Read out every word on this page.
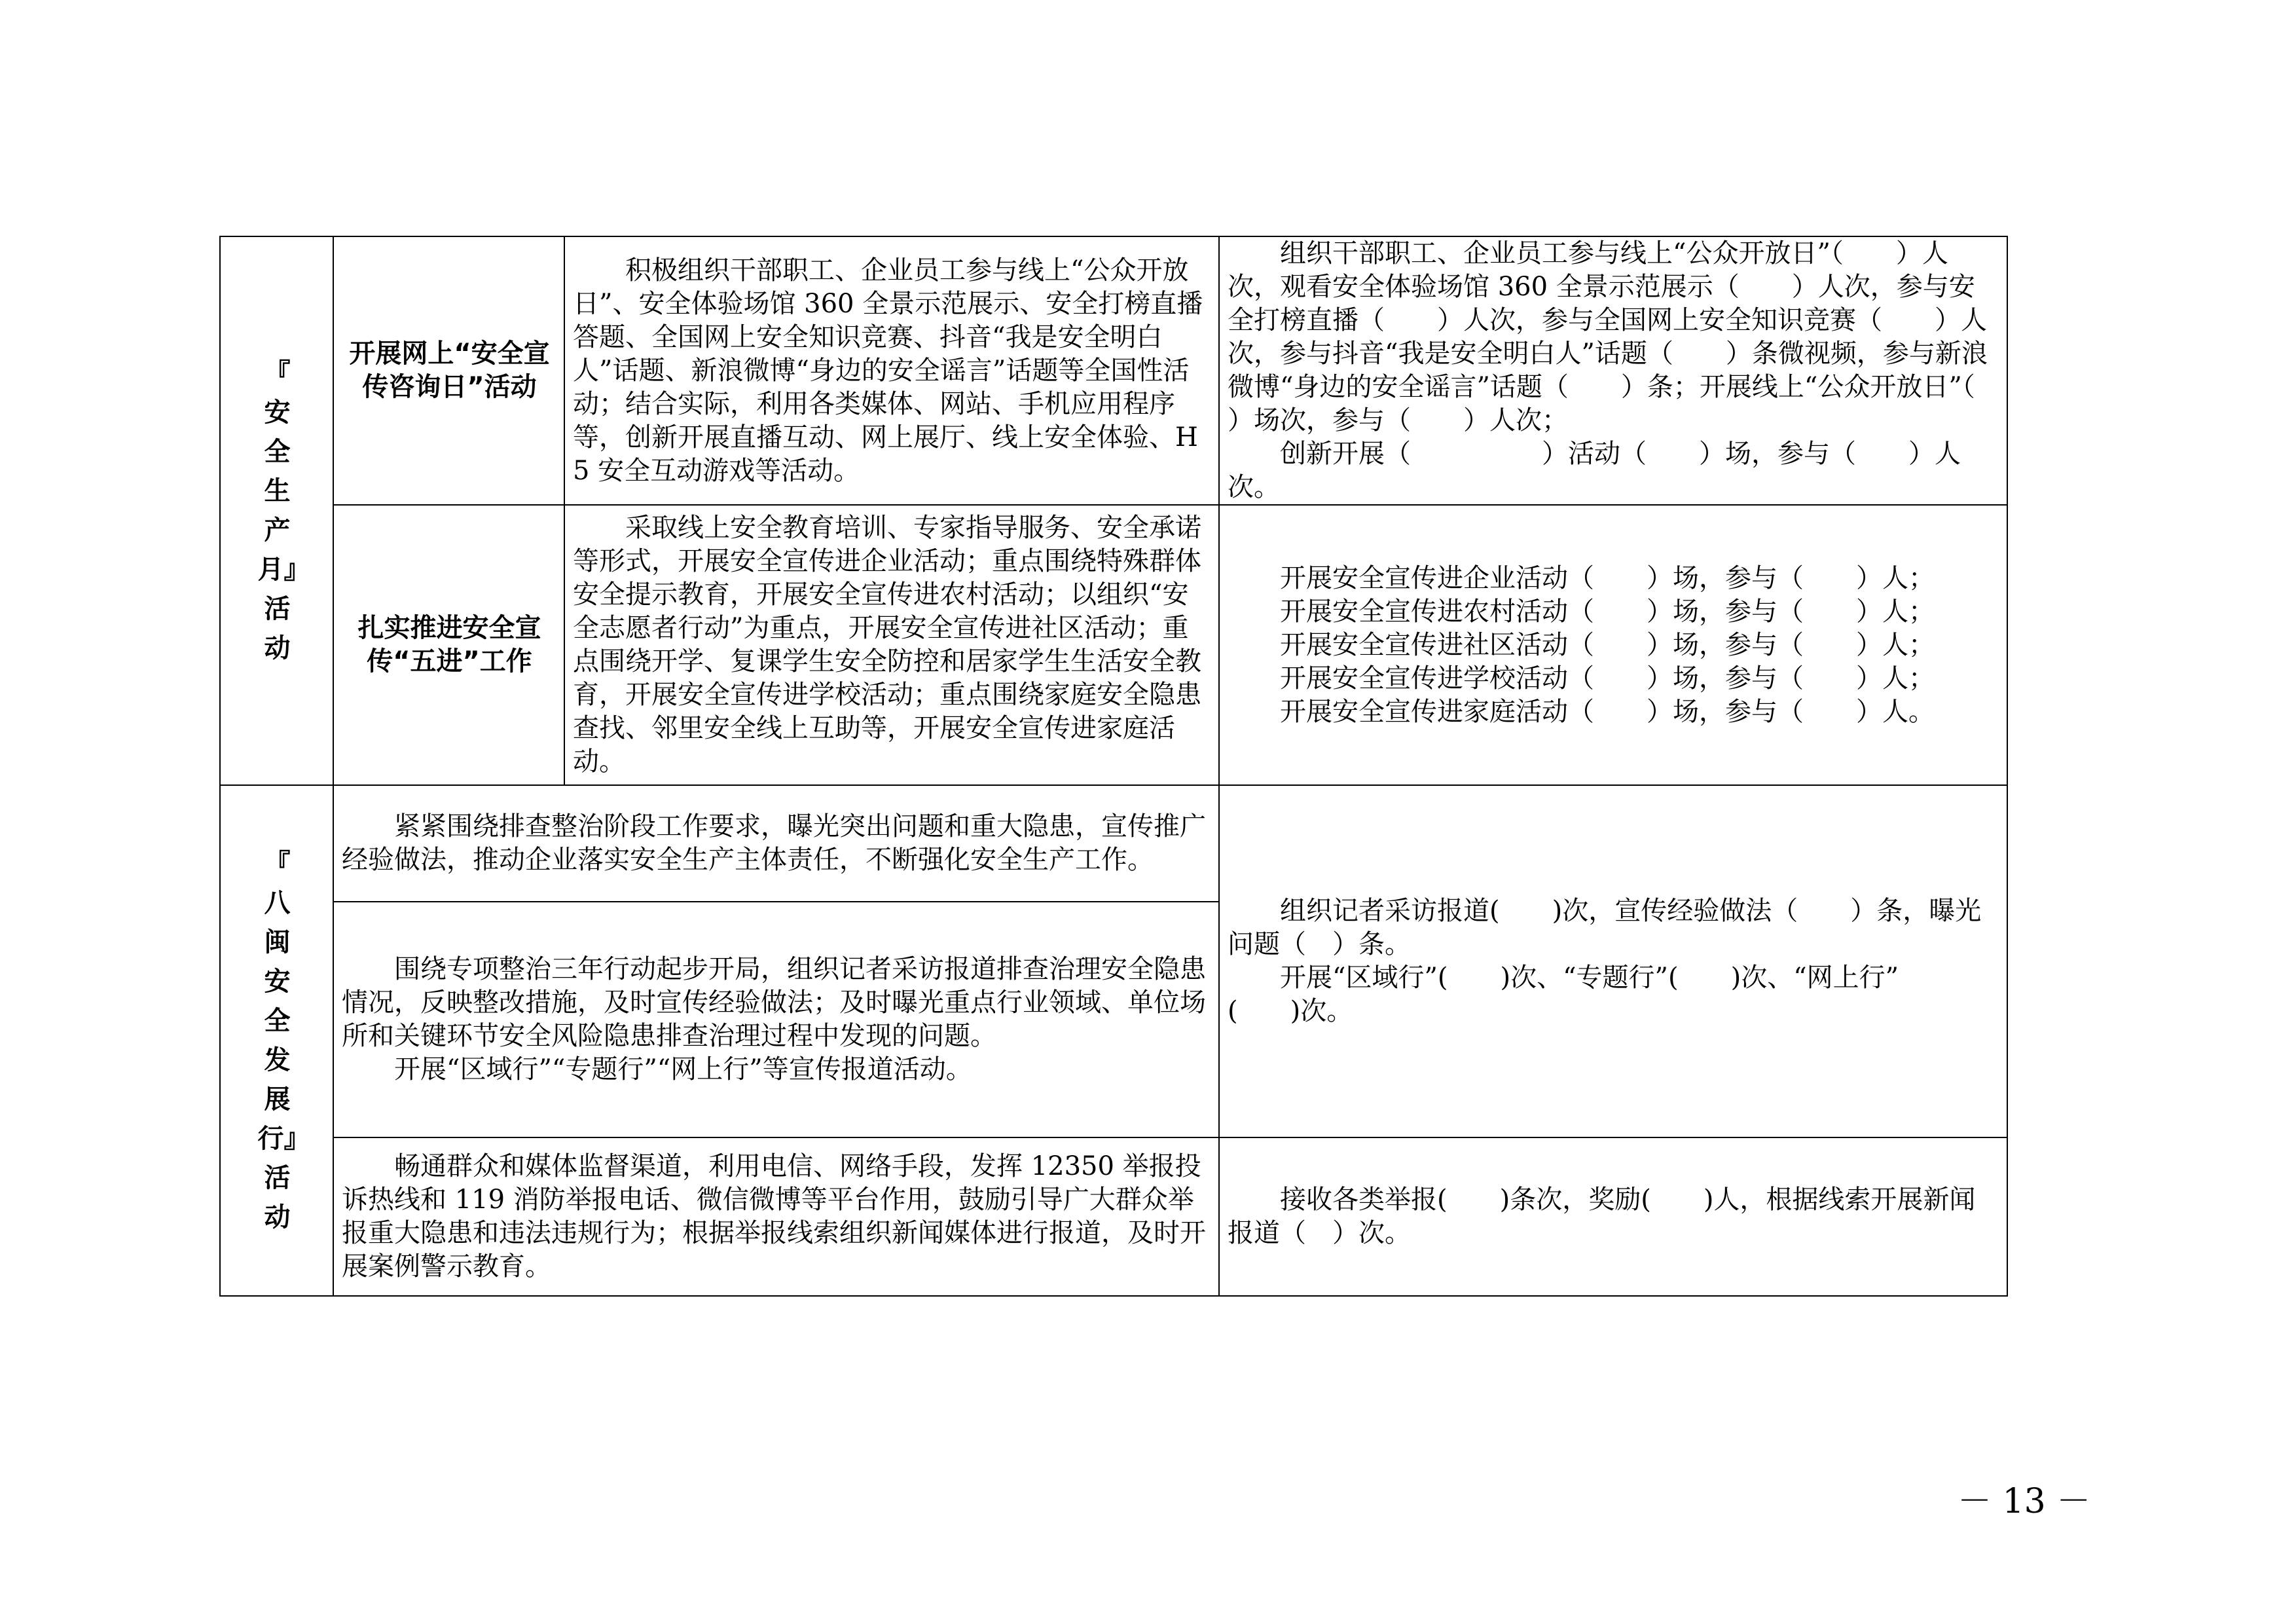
『安全生产月』活动	开展网上“安全宣传咨询日”活动	积极组织干部职工、企业员工参与线上“公众开放日”、安全体验场馆 360 全景示范展示、安全打榜直播答题、全国网上安全知识竞赛、抖音“我是安全明白人”话题、新浪微博“身边的安全谣言”话题等全国性活动；结合实际，利用各类媒体、网站、手机应用程序等，创新开展直播互动、网上展厅、线上安全体验、H5 安全互动游戏等活动。	组织干部职工、企业员工参与线上“公众开放日”（　　）人次，观看安全体验场馆 360 全景示范展示（　　）人次，参与安全打榜直播（　　）人次，参与全国网上安全知识竞赛（　　）人次，参与抖音“我是安全明白人”话题（　　）条微视频，参与新浪微博“身边的安全谣言”话题（　　）条；开展线上“公众开放日”（　　）场次，参与（　　）人次；

创新开展（　　　　　）活动（　　）场，参与（　　）人次。

	扎实推进安全宣传“五进”工作	采取线上安全教育培训、专家指导服务、安全承诺等形式，开展安全宣传进企业活动；重点围绕特殊群体安全提示教育，开展安全宣传进农村活动；以组织“安全志愿者行动”为重点，开展安全宣传进社区活动；重点围绕开学、复课学生安全防控和居家学生生活安全教育，开展安全宣传进学校活动；重点围绕家庭安全隐患查找、邻里安全线上互助等，开展安全宣传进家庭活动。	开展安全宣传进企业活动（　　）场，参与（　　）人；

开展安全宣传进农村活动（　　）场，参与（　　）人；

开展安全宣传进社区活动（　　）场，参与（　　）人；

开展安全宣传进学校活动（　　）场，参与（　　）人；

开展安全宣传进家庭活动（　　）场，参与（　　）人。

『八闽安全发展行』活动	紧紧围绕排查整治阶段工作要求，曝光突出问题和重大隐患，宣传推广经验做法，推动企业落实安全生产主体责任，不断强化安全生产工作。		组织记者采访报道(　　)次，宣传经验做法（　　）条，曝光问题（　）条。

开展“区域行”(　　)次、“专题行”(　　)次、“网上行”

(　　)次。

	围绕专项整治三年行动起步开局，组织记者采访报道排查治理安全隐患情况，反映整改措施，及时宣传经验做法；及时曝光重点行业领域、单位场所和关键环节安全风险隐患排查治理过程中发现的问题。

开展“区域行”“专题行”“网上行”等宣传报道活动。		

	畅通群众和媒体监督渠道，利用电信、网络手段，发挥 12350 举报投诉热线和 119 消防举报电话、微信微博等平台作用，鼓励引导广大群众举报重大隐患和违法违规行为；根据举报线索组织新闻媒体进行报道，及时开展案例警示教育。		接收各类举报(　　)条次，奖励(　　)人，根据线索开展新闻报道（　）次。

－ 13 －
